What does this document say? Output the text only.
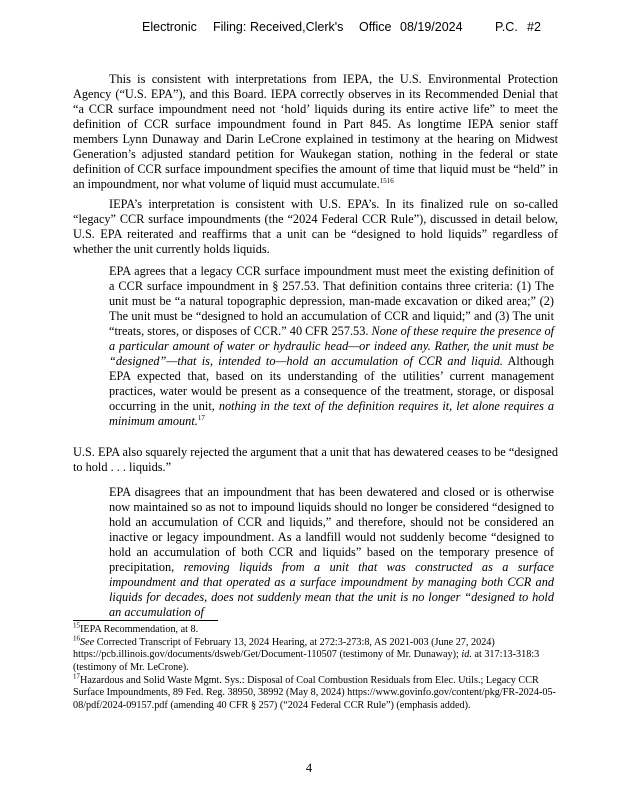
Electronic Filing: Received,Clerk's Office 08/19/2024	P.C. #2

This is consistent with interpretations from IEPA, the U.S. Environmental Protection Agency (“U.S. EPA”), and this Board. IEPA correctly observes in its Recommended Denial that “a CCR surface impoundment need not ‘hold’ liquids during its entire active life” to meet the definition of CCR surface impoundment found in Part 845. As longtime IEPA senior staff members Lynn Dunaway and Darin LeCrone explained in testimony at the hearing on Midwest Generation’s adjusted standard petition for Waukegan station, nothing in the federal or state definition of CCR surface impoundment specifies the amount of time that liquid must be “held” in an impoundment, nor what volume of liquid must accumulate.$^{1516}$

IEPA’s interpretation is consistent with U.S. EPA’s. In its finalized rule on so-called “legacy” CCR surface impoundments (the “2024 Federal CCR Rule”), discussed in detail below, U.S. EPA reiterated and reaffirms that a unit can be “designed to hold liquids” regardless of whether the unit currently holds liquids.

EPA agrees that a legacy CCR surface impoundment must meet the existing definition of a CCR surface impoundment in § 257.53. That definition contains three criteria: (1) The unit must be “a natural topographic depression, man-made excavation or diked area;” (2) The unit must be “designed to hold an accumulation of CCR and liquid;” and (3) The unit “treats, stores, or disposes of CCR.” 40 CFR 257.53. None of these require the presence of a particular amount of water or hydraulic head—or indeed any. Rather, the unit must be “designed”—that is, intended to—hold an accumulation of CCR and liquid. Although EPA expected that, based on its understanding of the utilities’ current management practices, water would be present as a consequence of the treatment, storage, or disposal occurring in the unit, nothing in the text of the definition requires it, let alone requires a minimum amount.$^{17}$

U.S. EPA also squarely rejected the argument that a unit that has dewatered ceases to be “designed to hold . . . liquids.”

EPA disagrees that an impoundment that has been dewatered and closed or is otherwise now maintained so as not to impound liquids should no longer be considered “designed to hold an accumulation of CCR and liquids,” and therefore, should not be considered an inactive or legacy impoundment. As a landfill would not suddenly become “designed to hold an accumulation of both CCR and liquids” based on the temporary presence of precipitation, removing liquids from a unit that was constructed as a surface impoundment and that operated as a surface impoundment by managing both CCR and liquids for decades, does not suddenly mean that the unit is no longer “designed to hold an accumulation of

$^{15}$IEPA Recommendation, at 8.

$^{16}$See Corrected Transcript of February 13, 2024 Hearing, at 272:3-273:8, AS 2021-003 (June 27, 2024) https://pcb.illinois.gov/documents/dsweb/Get/Document-110507 (testimony of Mr. Dunaway); id. at 317:13-318:3 (testimony of Mr. LeCrone).

$^{17}$Hazardous and Solid Waste Mgmt. Sys.: Disposal of Coal Combustion Residuals from Elec. Utils.; Legacy CCR Surface Impoundments, 89 Fed. Reg. 38950, 38992 (May 8, 2024) https://www.govinfo.gov/content/pkg/FR-2024-05-08/pdf/2024-09157.pdf (amending 40 CFR § 257) (“2024 Federal CCR Rule”) (emphasis added).

4
